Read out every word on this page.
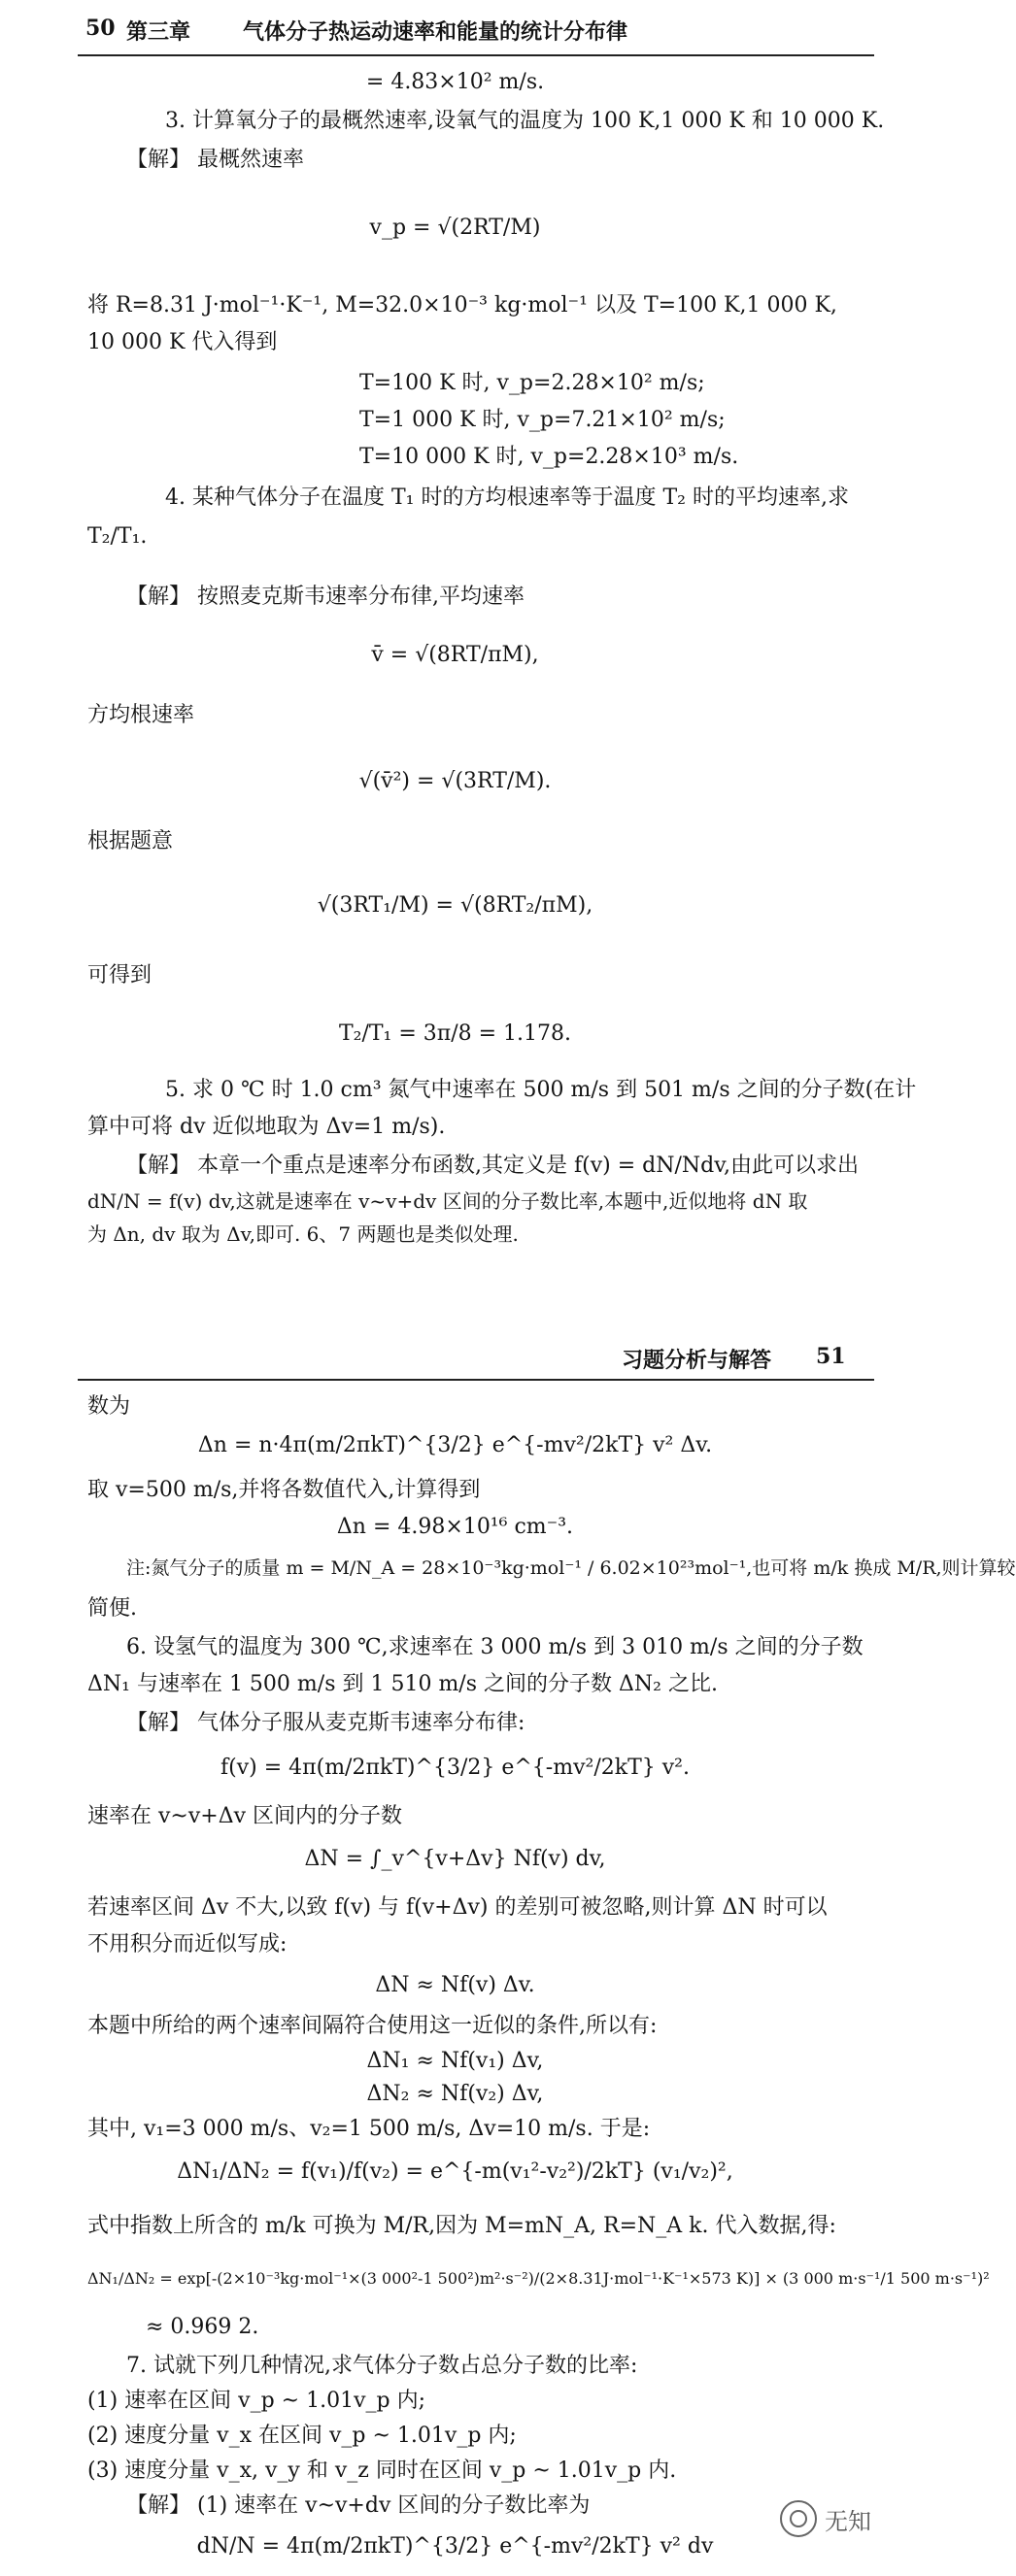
50 第三章 气体分子热运动速率和能量的统计分布律
= 4.83×10² m/s.
3. 计算氧分子的最概然速率,设氧气的温度为 100 K,1 000 K 和 10 000 K.
【解】 最概然速率
v_p = √(2RT/M)
将 R=8.31 J·mol⁻¹·K⁻¹, M=32.0×10⁻³ kg·mol⁻¹ 以及 T=100 K,1 000 K,
10 000 K 代入得到
T=100 K 时, v_p=2.28×10² m/s;
T=1 000 K 时, v_p=7.21×10² m/s;
T=10 000 K 时, v_p=2.28×10³ m/s.
4. 某种气体分子在温度 T₁ 时的方均根速率等于温度 T₂ 时的平均速率,求
T₂/T₁.
【解】 按照麦克斯韦速率分布律,平均速率
v̄ = √(8RT/πM),
方均根速率
√(v̄²) = √(3RT/M).
根据题意
√(3RT₁/M) = √(8RT₂/πM),
可得到
T₂/T₁ = 3π/8 = 1.178.
5. 求 0 ℃ 时 1.0 cm³ 氮气中速率在 500 m/s 到 501 m/s 之间的分子数(在计
算中可将 dv 近似地取为 Δv=1 m/s).
【解】 本章一个重点是速率分布函数,其定义是 f(v) = dN/Ndv,由此可以求出
dN/N = f(v) dv,这就是速率在 v~v+dv 区间的分子数比率,本题中,近似地将 dN 取
为 Δn, dv 取为 Δv,即可. 6、7 两题也是类似处理.
习题分析与解答 51
数为
Δn = n·4π(m/2πkT)^{3/2} e^{-mv²/2kT} v² Δv.
取 v=500 m/s,并将各数值代入,计算得到
Δn = 4.98×10¹⁶ cm⁻³.
注:氮气分子的质量 m = M/N_A = 28×10⁻³kg·mol⁻¹ / 6.02×10²³mol⁻¹,也可将 m/k 换成 M/R,则计算较
简便.
6. 设氢气的温度为 300 ℃,求速率在 3 000 m/s 到 3 010 m/s 之间的分子数
ΔN₁ 与速率在 1 500 m/s 到 1 510 m/s 之间的分子数 ΔN₂ 之比.
【解】 气体分子服从麦克斯韦速率分布律:
f(v) = 4π(m/2πkT)^{3/2} e^{-mv²/2kT} v².
速率在 v~v+Δv 区间内的分子数
ΔN = ∫_v^{v+Δv} Nf(v) dv,
若速率区间 Δv 不大,以致 f(v) 与 f(v+Δv) 的差别可被忽略,则计算 ΔN 时可以
不用积分而近似写成:
ΔN ≈ Nf(v) Δv.
本题中所给的两个速率间隔符合使用这一近似的条件,所以有:
ΔN₁ ≈ Nf(v₁) Δv,
ΔN₂ ≈ Nf(v₂) Δv,
其中, v₁=3 000 m/s、v₂=1 500 m/s, Δv=10 m/s. 于是:
ΔN₁/ΔN₂ = f(v₁)/f(v₂) = e^{-m(v₁²-v₂²)/2kT} (v₁/v₂)²,
式中指数上所含的 m/k 可换为 M/R,因为 M=mN_A, R=N_A k. 代入数据,得:
ΔN₁/ΔN₂ = exp[-(2×10⁻³kg·mol⁻¹×(3 000²-1 500²)m²·s⁻²)/(2×8.31J·mol⁻¹·K⁻¹×573 K)] × (3 000 m·s⁻¹/1 500 m·s⁻¹)²
≈ 0.969 2.
7. 试就下列几种情况,求气体分子数占总分子数的比率:
(1) 速率在区间 v_p ~ 1.01v_p 内;
(2) 速度分量 v_x 在区间 v_p ~ 1.01v_p 内;
(3) 速度分量 v_x, v_y 和 v_z 同时在区间 v_p ~ 1.01v_p 内.
【解】 (1) 速率在 v~v+dv 区间的分子数比率为
dN/N = 4π(m/2πkT)^{3/2} e^{-mv²/2kT} v² dv
无知
